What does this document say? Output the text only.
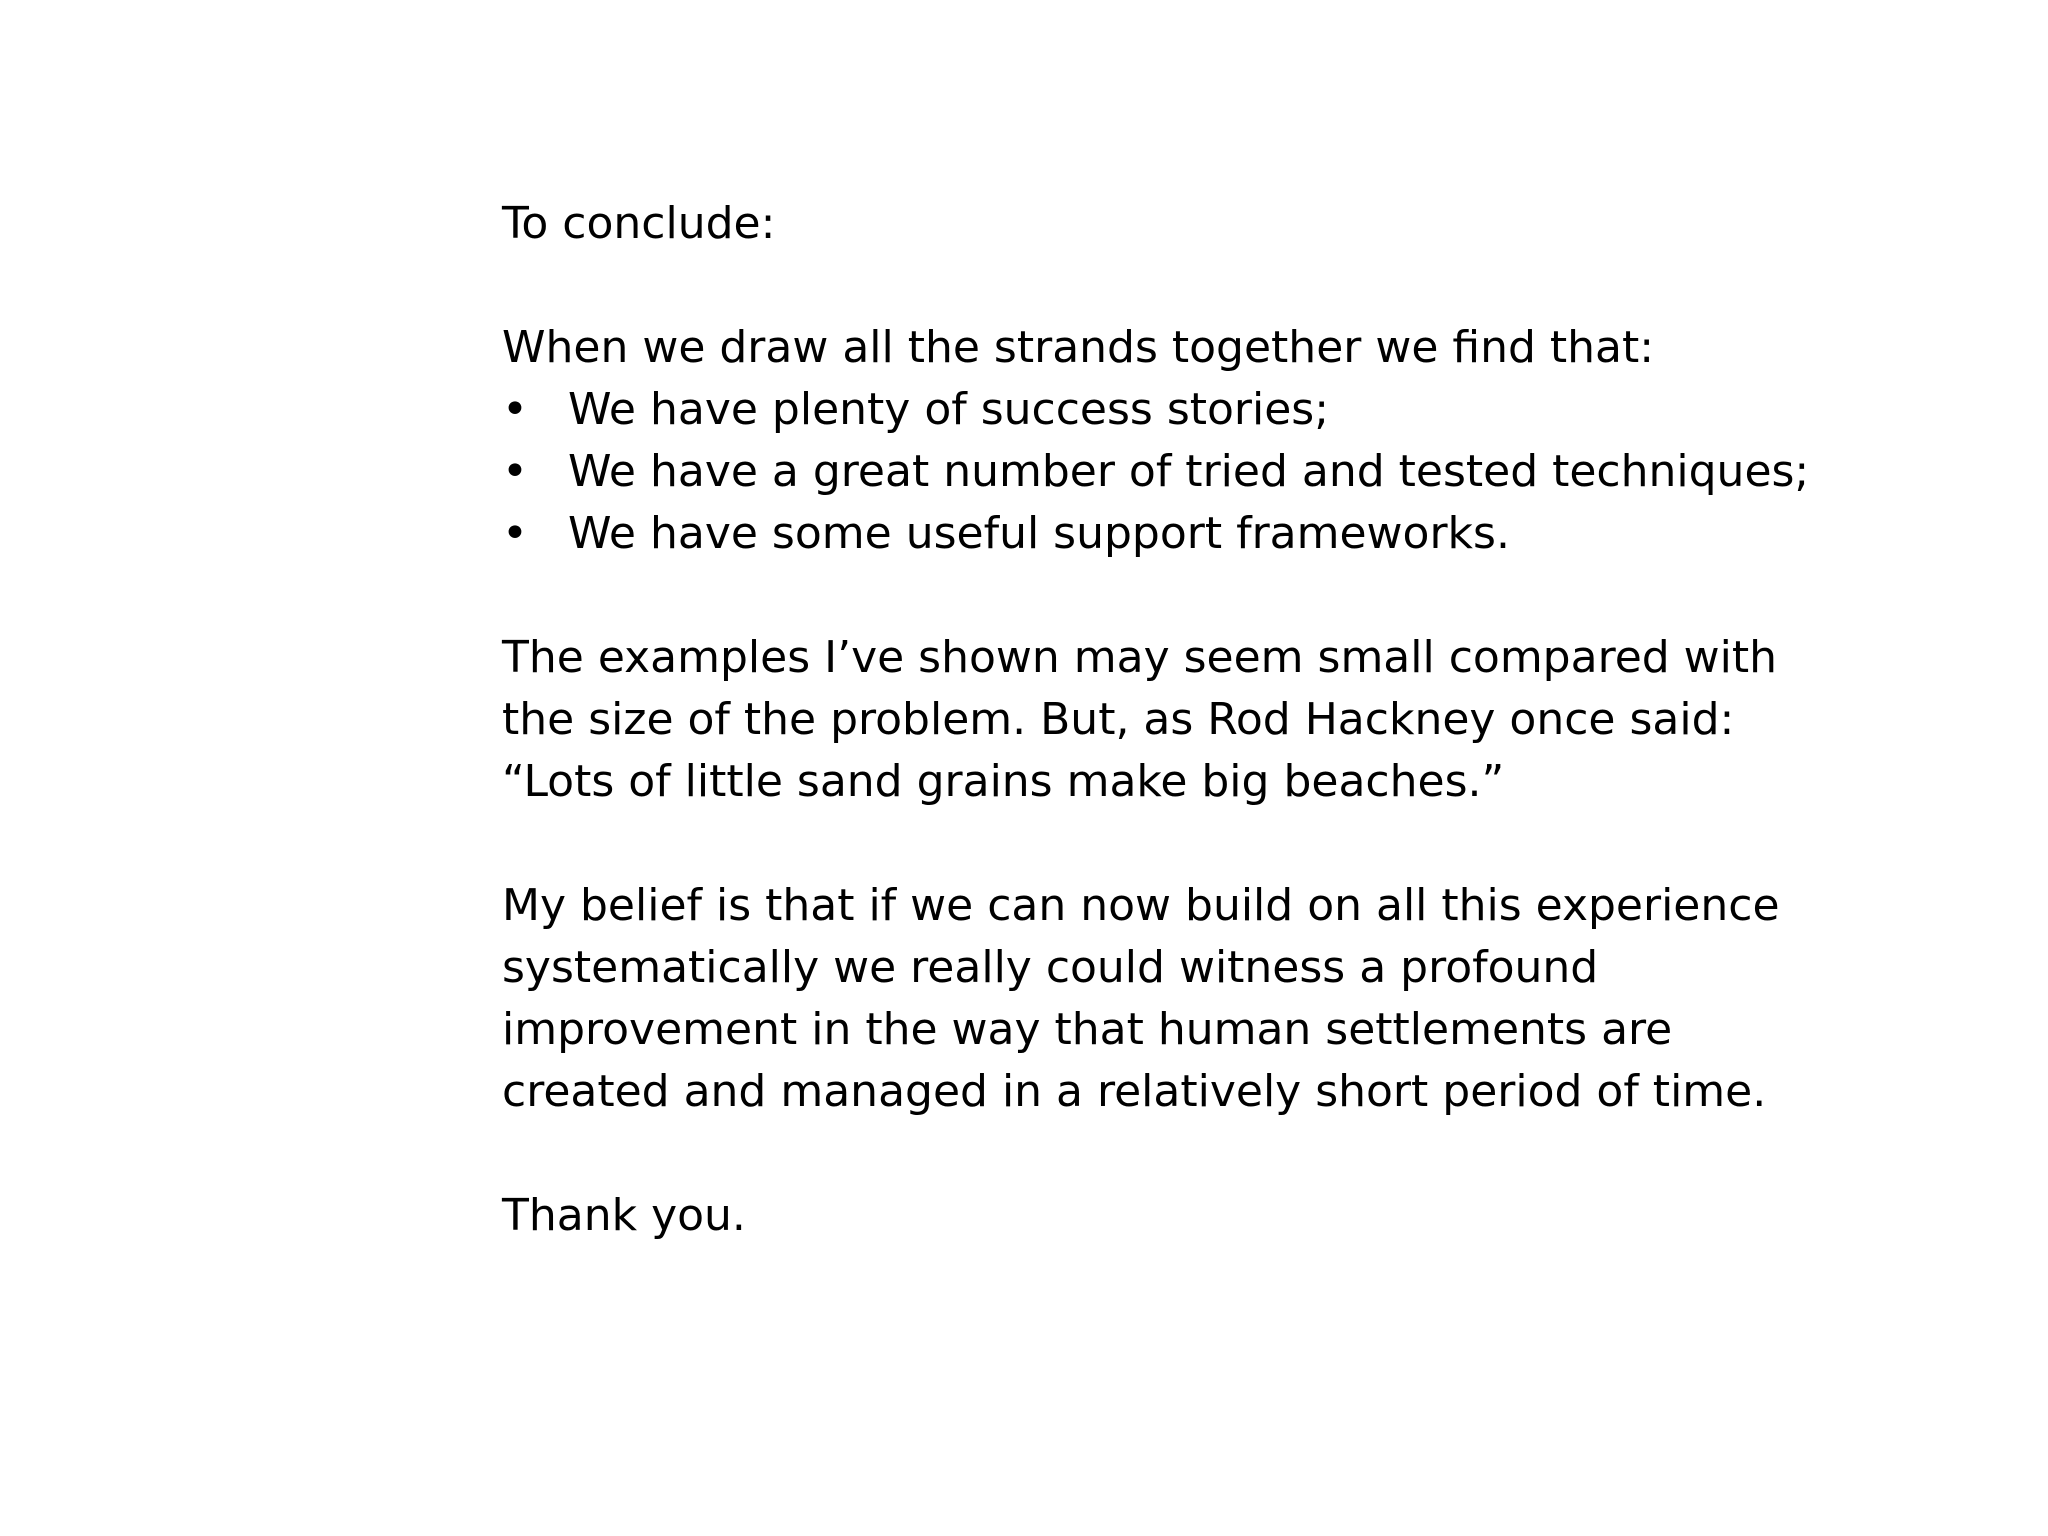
To conclude:

When we draw all the strands together we find that:

• We have plenty of success stories;
• We have a great number of tried and tested techniques;
• We have some useful support frameworks.

The examples I’ve shown may seem small compared with

the size of the problem. But, as Rod Hackney once said:

“Lots of little sand grains make big beaches.”

My belief is that if we can now build on all this experience

systematically we really could witness a profound

improvement in the way that human settlements are

created and managed in a relatively short period of time.

Thank you.
